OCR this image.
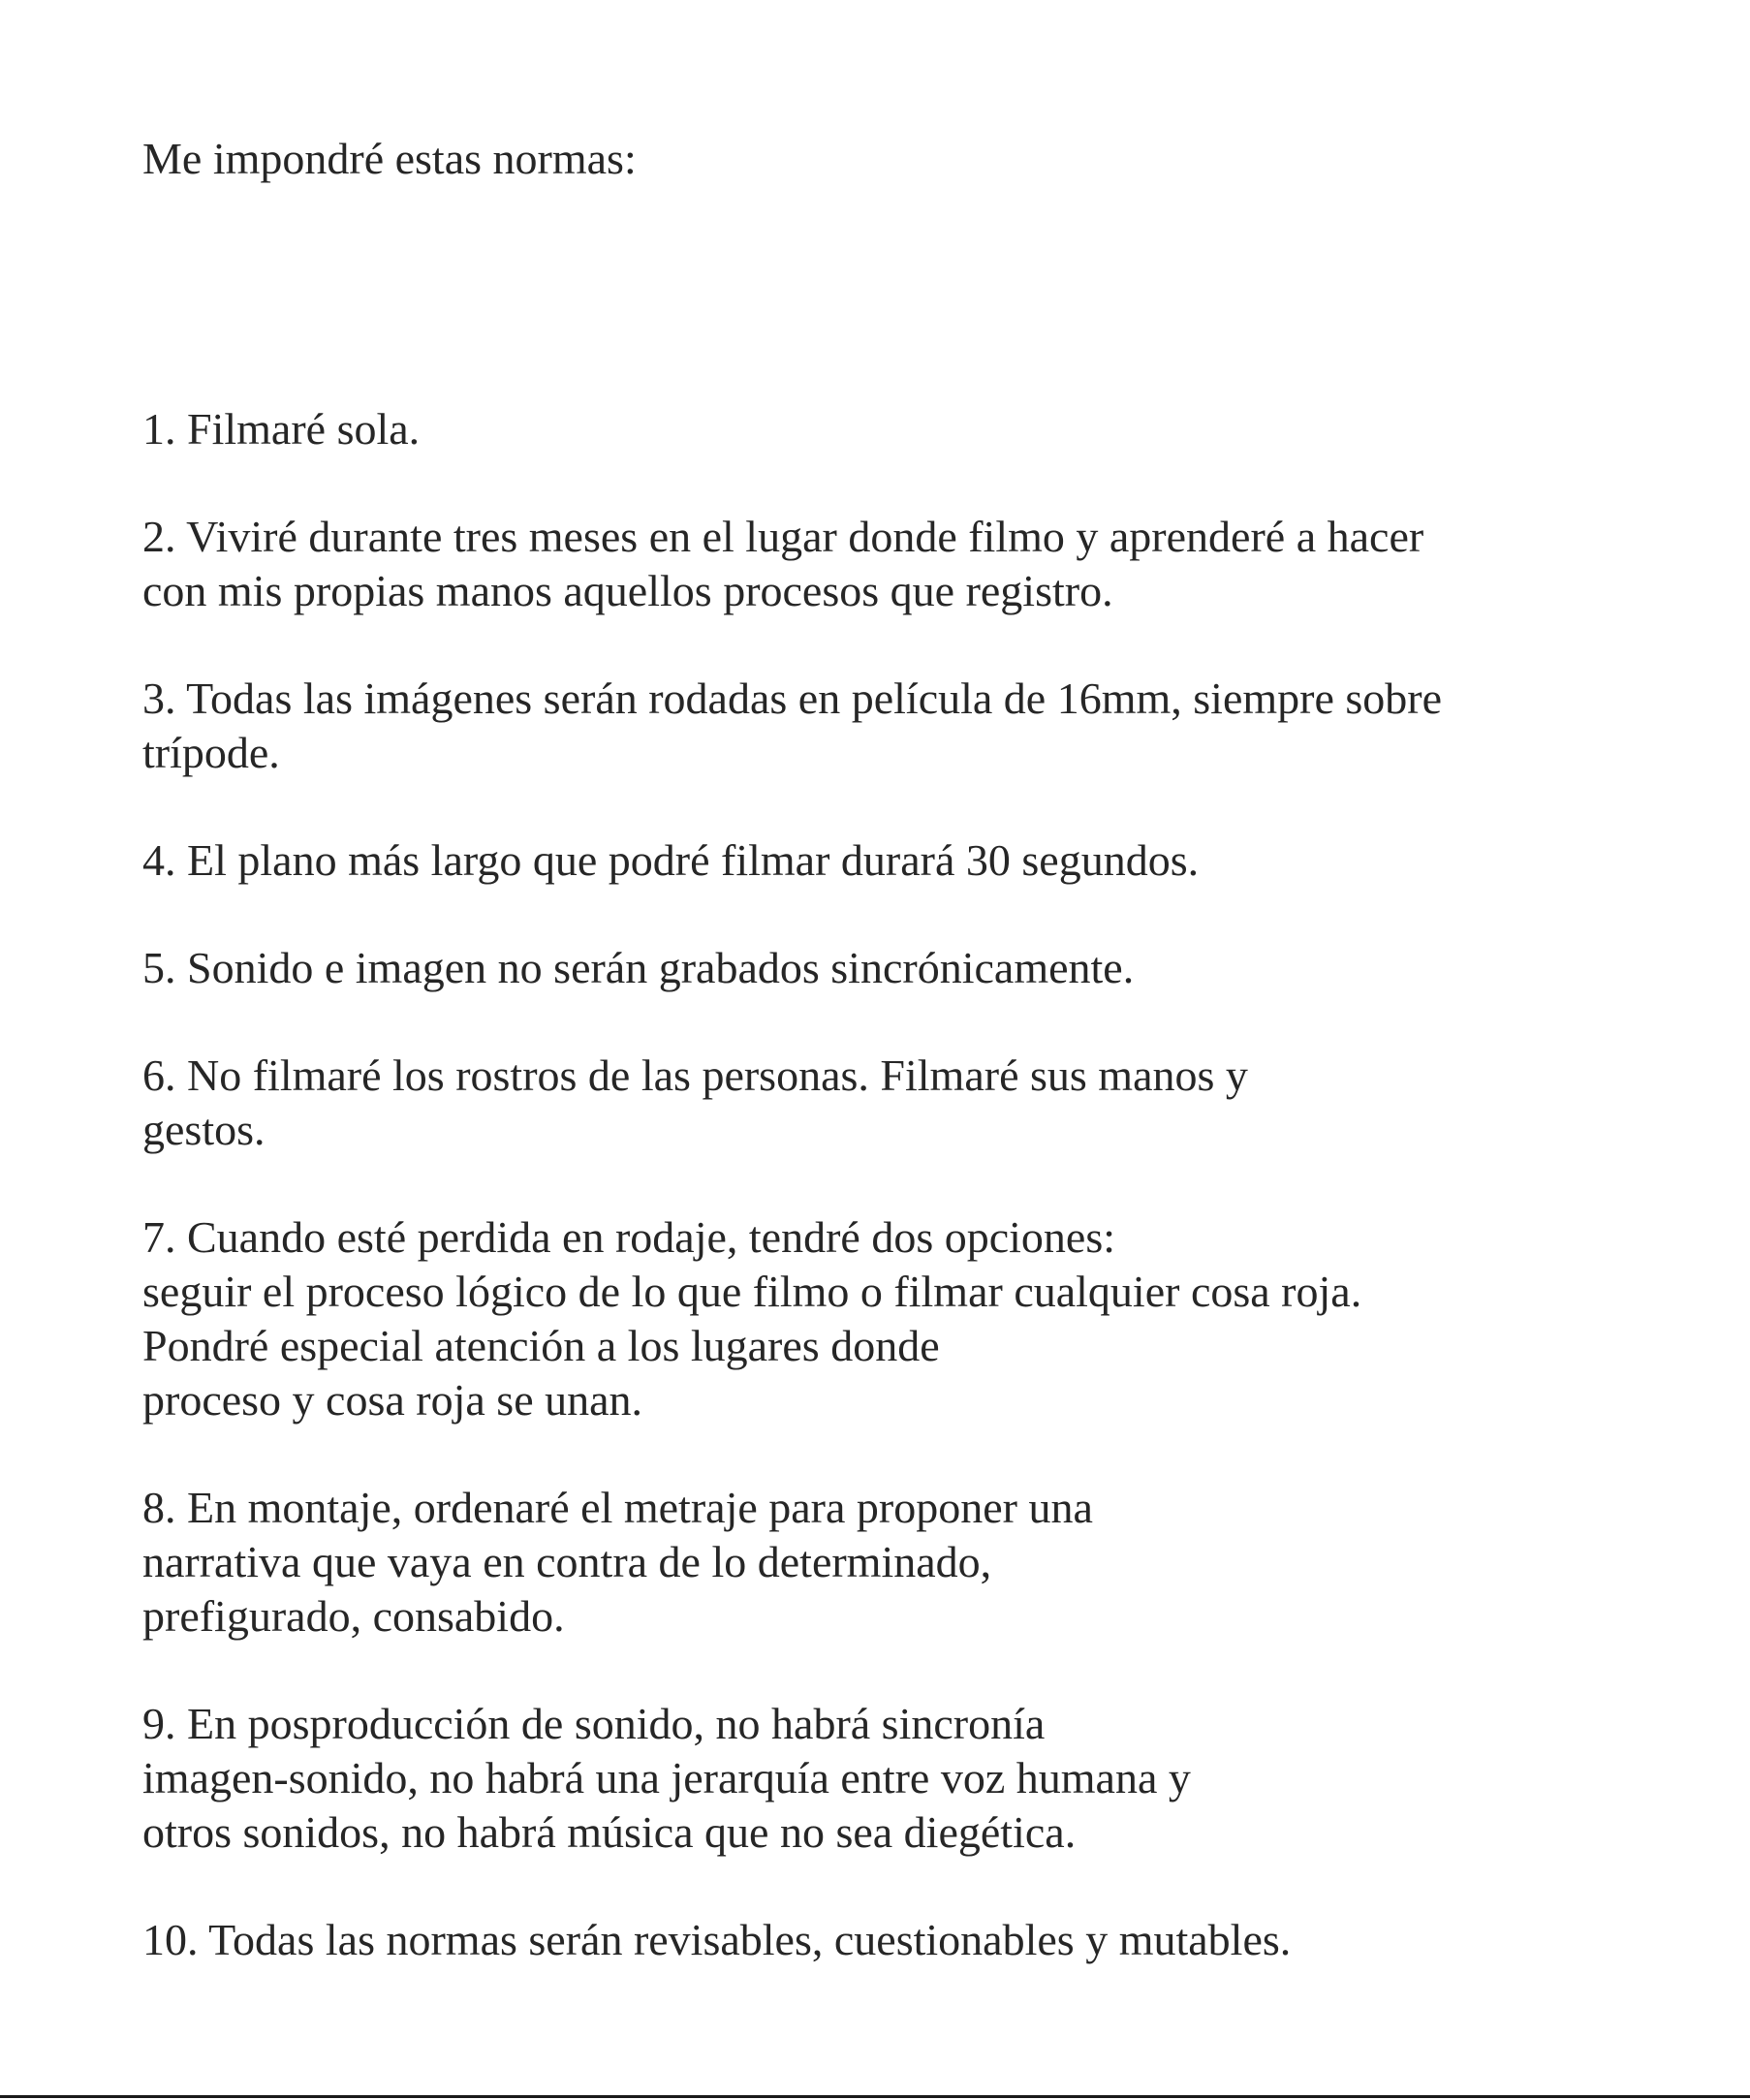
Me impondré estas normas:

1. Filmaré sola.
2. Viviré durante tres meses en el lugar donde filmo y aprenderé a hacer
con mis propias manos aquellos procesos que registro.
3. Todas las imágenes serán rodadas en película de 16mm, siempre sobre
trípode.
4. El plano más largo que podré filmar durará 30 segundos.
5. Sonido e imagen no serán grabados sincrónicamente.
6. No filmaré los rostros de las personas. Filmaré sus manos y
gestos.
7. Cuando esté perdida en rodaje, tendré dos opciones:
seguir el proceso lógico de lo que filmo o filmar cualquier cosa roja.
Pondré especial atención a los lugares donde
proceso y cosa roja se unan.
8. En montaje, ordenaré el metraje para proponer una
narrativa que vaya en contra de lo determinado,
prefigurado, consabido.
9. En posproducción de sonido, no habrá sincronía
imagen-sonido, no habrá una jerarquía entre voz humana y
otros sonidos, no habrá música que no sea diegética.
10. Todas las normas serán revisables, cuestionables y mutables.
